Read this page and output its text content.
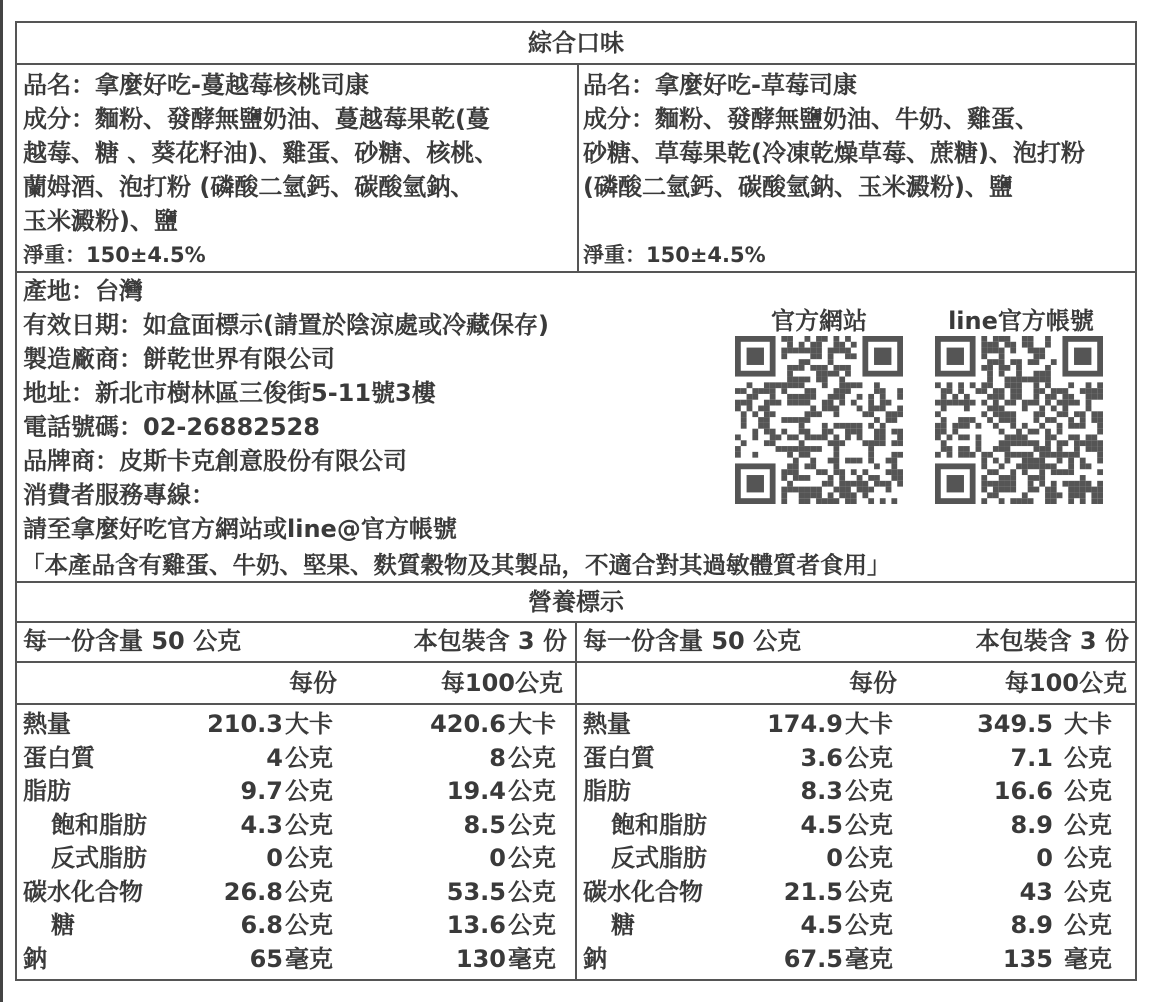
綜合口味
品名：拿麼好吃-蔓越莓核桃司康
成分：麵粉、發酵無鹽奶油、蔓越莓果乾(蔓
越莓、糖 、葵花籽油)、雞蛋、砂糖、核桃、
蘭姆酒、泡打粉 (磷酸二氫鈣、碳酸氫鈉、
玉米澱粉)、鹽
淨重：150±4.5%
品名：拿麼好吃-草莓司康
成分：麵粉、發酵無鹽奶油、牛奶、雞蛋、
砂糖、草莓果乾(冷凍乾燥草莓、蔗糖)、泡打粉
(磷酸二氫鈣、碳酸氫鈉、玉米澱粉)、鹽
淨重：150±4.5%
產地：台灣
有效日期：如盒面標示(請置於陰涼處或冷藏保存)
製造廠商：餅乾世界有限公司
地址：新北市樹林區三俊街5-11號3樓
電話號碼：02-26882528
品牌商：皮斯卡克創意股份有限公司
消費者服務專線：
請至拿麼好吃官方網站或line@官方帳號
「本產品含有雞蛋、牛奶、堅果、麩質穀物及其製品，不適合對其過敏體質者食用」
官方網站	line官方帳號
營養標示
每一份含量 50 公克	本包裝含 3 份
每份	每100公克
每一份含量 50 公克	本包裝含 3 份
每份	每100公克
熱量	210.3 大卡	420.6 大卡
蛋白質	4 公克	8 公克
脂肪	9.7 公克	19.4 公克
飽和脂肪	4.3 公克	8.5 公克
反式脂肪	0 公克	0 公克
碳水化合物	26.8 公克	53.5 公克
糖	6.8 公克	13.6 公克
鈉	65 毫克	130 毫克
熱量	174.9 大卡	349.5 大卡
蛋白質	3.6 公克	7.1 公克
脂肪	8.3 公克	16.6 公克
飽和脂肪	4.5 公克	8.9 公克
反式脂肪	0 公克	0 公克
碳水化合物	21.5 公克	43 公克
糖	4.5 公克	8.9 公克
鈉	67.5 毫克	135 毫克
